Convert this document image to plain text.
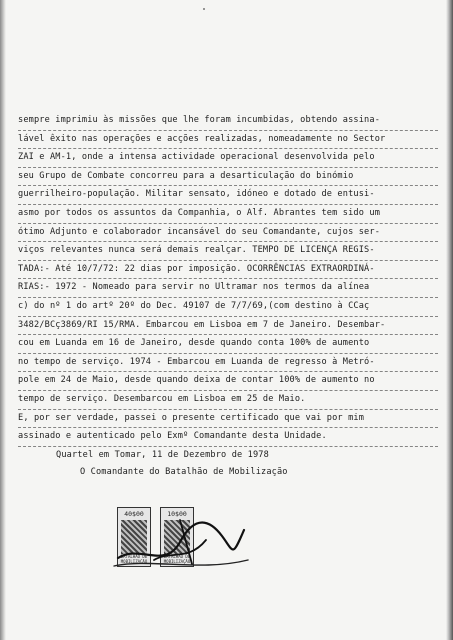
sempre imprimiu às missões que lhe foram incumbidas, obtendo assina-
lável êxito nas operações e acções realizadas, nomeadamente no Sector
ZAI e AM-1, onde a intensa actividade operacional desenvolvida pelo
seu Grupo de Combate concorreu para a desarticulação do binómio
guerrilheiro-população. Militar sensato, idóneo e dotado de entusi-
asmo por todos os assuntos da Companhia, o Alf. Abrantes tem sido um
ótimo Adjunto e colaborador incansável do seu Comandante, cujos ser-
viços relevantes nunca será demais realçar. TEMPO DE LICENÇA REGIS-
TADA:- Até 10/7/72: 22 dias por imposição. OCORRÊNCIAS EXTRAORDINÁ-
RIAS:- 1972 - Nomeado para servir no Ultramar nos termos da alínea
c) do nº 1 do artº 20º do Dec. 49107 de 7/7/69,(com destino à CCaç
3482/BCç3869/RI 15/RMA. Embarcou em Lisboa em 7 de Janeiro. Desembar-
cou em Luanda em 16 de Janeiro, desde quando conta 100% de aumento
no tempo de serviço. 1974 - Embarcou em Luanda de regresso à Metró-
pole em 24 de Maio, desde quando deixa de contar 100% de aumento no
tempo de serviço. Desembarcou em Lisboa em 25 de Maio.
E, por ser verdade, passei o presente certificado que vai por mim
assinado e autenticado pelo Exmº Comandante desta Unidade.
Quartel em Tomar, 11 de Dezembro de 1978
O Comandante do Batalhão de Mobilização
40$00
BATALHÃO DE MOBILIZAÇÃO
10$00
BATALHÃO DE MOBILIZAÇÃO
